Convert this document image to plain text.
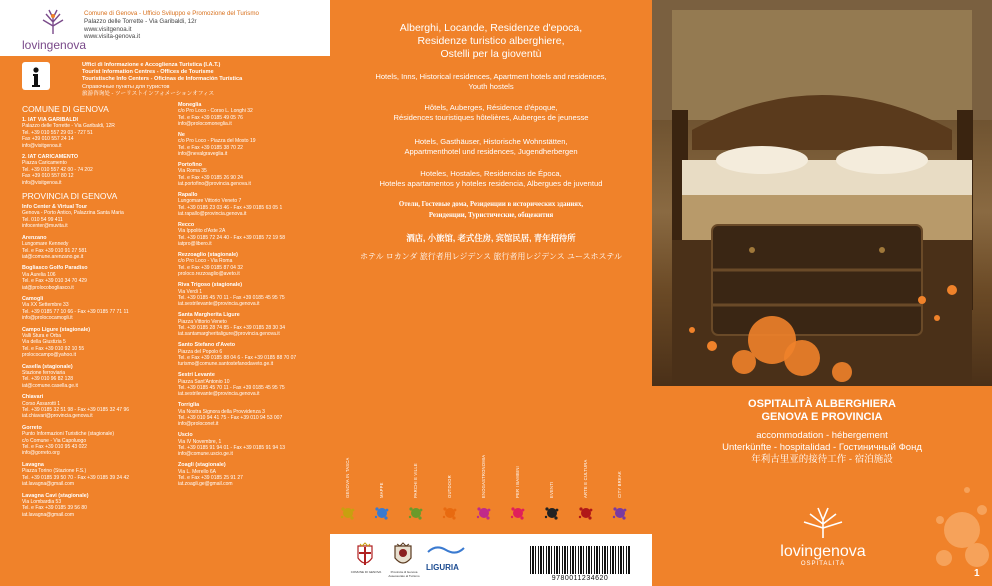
lovingenova
Comune di Genova - Ufficio Sviluppo e Promozione del Turismo
Palazzo delle Torrette - Via Garibaldi, 12r
www.visitgenoa.it
www.visita-genova.it
Uffici di Informazione e Accoglienza Turistica (I.A.T.)
Tourist Information Centres - Offices de Tourisme
Touristische Info Centers - Oficinas de Información Turística
Справочные пункты для туристов
旅游咨询处 - ツーリストインフォメーションオフィス
COMUNE DI GENOVA
1. IAT VIA GARIBALDI
Palazzo delle Torrette - Via Garibaldi, 12R
Tel. +39 010 557 29 03 - 727 51
Fax +39 010 557 24 14
info@visitgenoa.it
2. IAT CARICAMENTO
Piazza Caricamento
Tel. +39 010 557 42 00 - 74 202
Fax +39 010 557 80 12
info@visitgenoa.it
PROVINCIA DI GENOVA
Info Center & Virtual Tour
Genova - Porto Antico, Palazzina Santa Maria
Tel. 010 54 99 411
infocenter@muvita.it
Arenzano
Lungomare Kennedy
Tel. e Fax +39 010 91 27 581
iat@comune.arenzano.ge.it
Bogliasco Golfo Paradiso
Via Aurelia 106
Tel. e Fax +39 010 34 70 429
iat@prolocobogliasco.it
Camogli
Via XX Settembre 33
Tel. +39 0185 77 10 66 - Fax +39 0185 77 71 11
info@prolococamogli.it
Campo Ligure (stagionale)
Valli Stura e Orba
Via della Giustizia 5
Tel. e Fax +39 010 92 10 55
prolococampo@yahoo.it
Casella (stagionale)
Stazione ferroviaria
Tel. +39 010 96 82 128
iat@comune.casella.ge.it
Chiavari
Corso Assarotti 1
Tel. +39 0185 32 51 98 - Fax +39 0185 32 47 96
iat.chiavari@provincia.genova.it
Gorreto
Punto Informazioni Turistiche (stagionale)
c/o Comune - Via Capoluogo
Tel. e Fax +39 010 95 43 022
info@gorreto.org
Lavagna
Piazza Torino (Stazione F.S.)
Tel. +39 0185 39 50 70 - Fax +39 0185 39 24 42
iat.lavagna@gmail.com
Lavagna Cavi (stagionale)
Via Lombardia 53
Tel. e Fax +39 0185 39 56 80
iat.lavagna@gmail.com
Moneglia
c/o Pro Loco - Corso L. Longhi 32
Tel. e Fax +39 0185 49 05 76
info@prolocomoneglia.it
Ne
c/o Pro Loco - Piazza del Mosto 19
Tel. e Fax +39 0185 38 70 22
info@nevalgraveglia.it
Portofino
Via Roma 35
Tel. e Fax +39 0185 26 90 24
iat.portofino@provincia.genova.it
Rapallo
Lungomare Vittorio Veneto 7
Tel. +39 0185 23 03 46 - Fax +39 0185 63 05 1
iat.rapallo@provincia.genova.it
Recco
Via Ippolito d'Aste 2A
Tel. +39 0185 72 24 40 - Fax +39 0185 72 19 58
iatpro@libero.it
Rezzoaglio (stagionale)
c/o Pro Loco - Via Roma
Tel. e Fax +39 0185 87 04 32
proloco.rezzoaglio@aveto.it
Riva Trigoso (stagionale)
Via Verdi 1
Tel. +39 0185 45 70 11 - Fax +39 0185 45 95 75
iat.sestrilevante@provincia.genova.it
Santa Margherita Ligure
Piazza Vittorio Veneto
Tel. +39 0185 28 74 85 - Fax +39 0185 28 30 34
iat.santamargheritaligure@provincia.genova.it
Santo Stefano d'Aveto
Piazza del Popolo 6
Tel. e Fax +39 0185 88 04 6 - Fax +39 0185 88 70 07
turismo@comune.santostefanodaveto.ge.it
Sestri Levante
Piazza Sant'Antonio 10
Tel. +39 0185 45 70 11 - Fax +39 0185 45 95 75
iat.sestrilevante@provincia.genova.it
Torriglia
Via Nostra Signora della Provvidenza 3
Tel. +39 010 94 41 75 - Fax +39 010 94 53 007
info@proloconet.it
Uscio
Via IV Novembre, 1
Tel. +39 0185 91 94 01 - Fax +39 0185 91 94 13
info@comune.uscio.ge.it
Zoagli (stagionale)
Via L. Merello 6A
Tel. e Fax +39 0185 25 91 27
iat.zoagli.ge@gmail.com
Alberghi, Locande, Residenze d'epoca,
Residenze turistico alberghiere,
Ostelli per la gioventù
Hotels, Inns, Historical residences, Apartment hotels and residences,
Youth hostels
Hôtels, Auberges, Résidence d'époque,
Résidences touristiques hôtelières, Auberges de jeunesse
Hotels, Gasthäuser, Historische Wohnstätten,
Appartmenthotel und residences, Jugendherbergen
Hoteles, Hostales, Residencias de Época,
Hoteles apartamentos y hoteles residencia, Albergues de juventud
Отели, Гостевые дома, Резиденции в исторических зданиях,
Резиденции, Туристические, общежития
酒店, 小旅馆, 老式住房, 宾馆民居, 青年招待所
ホテル ロカンダ 旅行者用レジデンス 旅行者用レジデンス ユースホステル
GENOVA IN TASCA	MAPPE	PARCHI E VILLE	OUTDOOR	ENOGASTRONOMIA	PER I BAMBINI	EVENTI	ARTE E CULTURA	CITY BREAK
COMUNE DI GENOVA	Provincia di Genova Assessorato al Turismo
LIGURIA
9780011234620
OSPITALITÀ ALBERGHIERA
GENOVA E PROVINCIA
accommodation - hébergement
Unterkünfte - hospitalidad - Гостиничный Фонд
年利古里亚的接待工作 - 宿泊施設
lovingenova
OSPITALITÀ
1
